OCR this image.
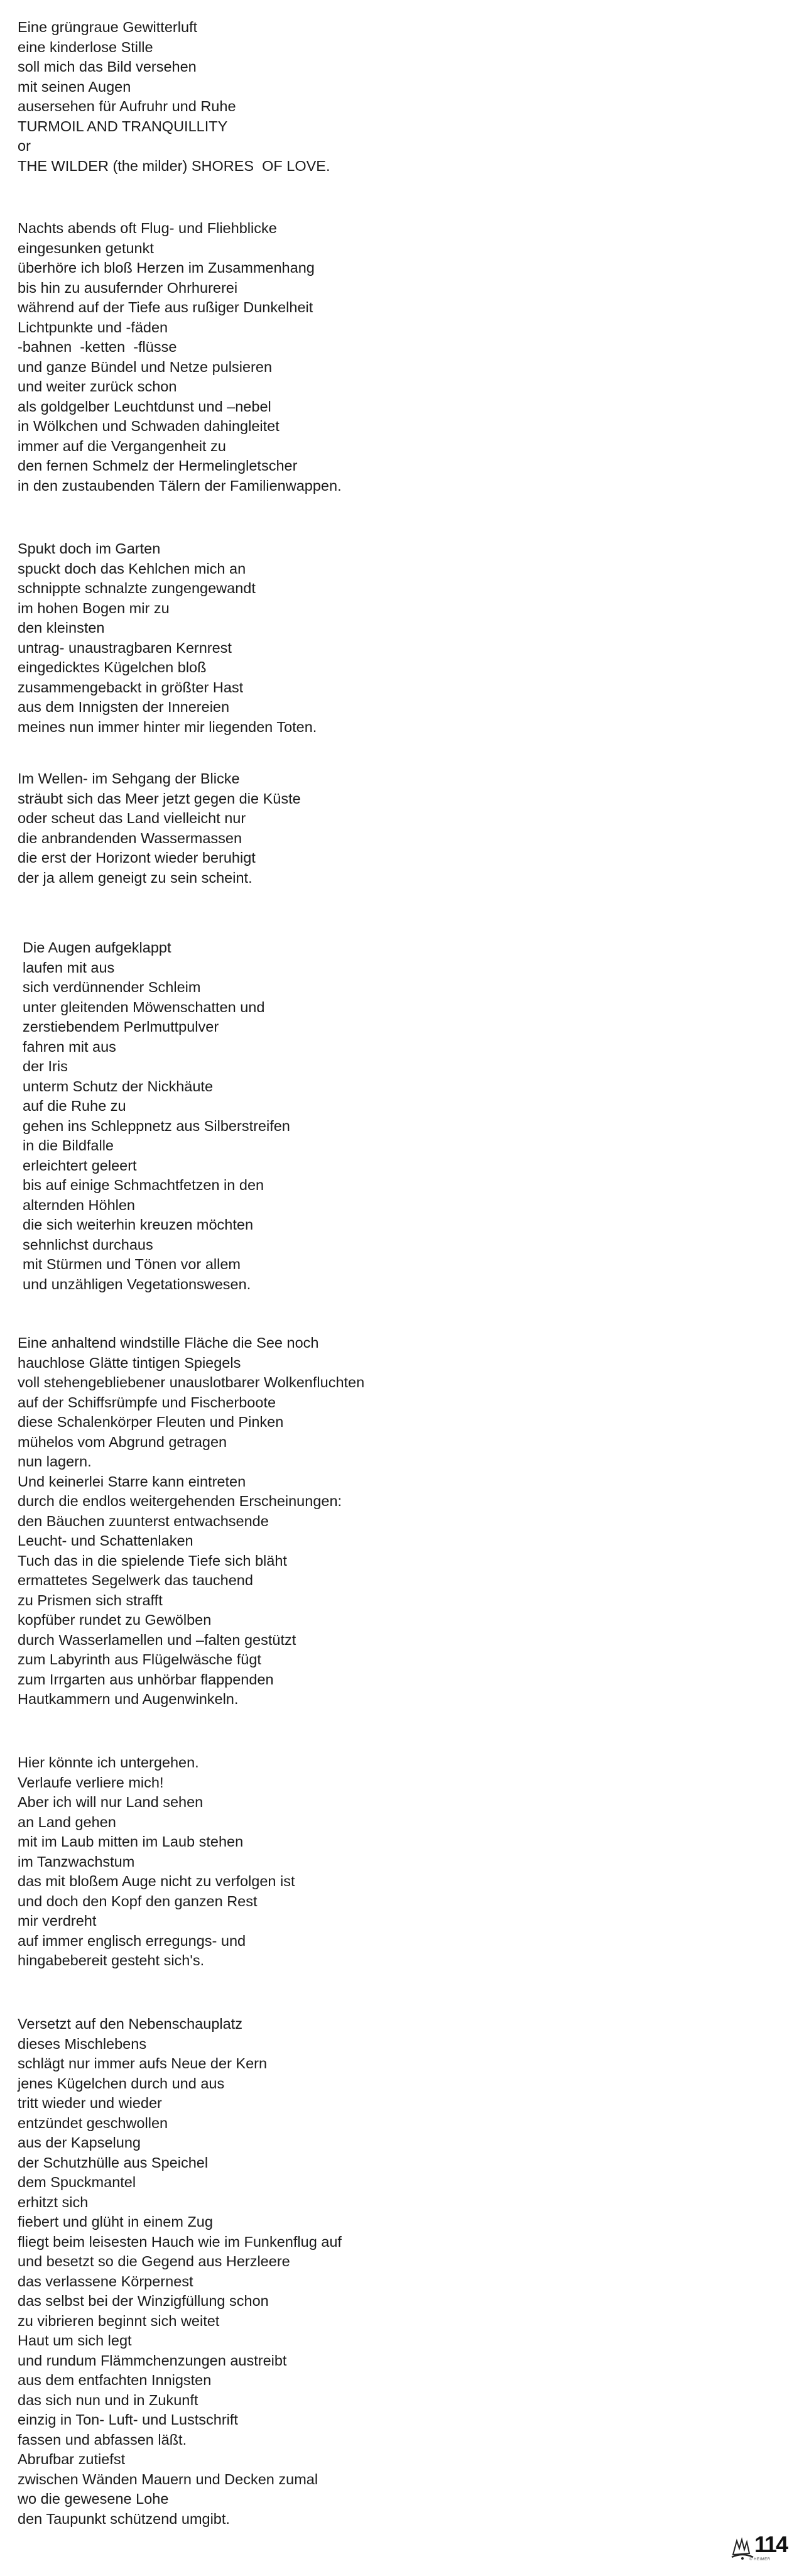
Eine grüngraue Gewitterluft
eine kinderlose Stille
soll mich das Bild versehen
mit seinen Augen
ausersehen für Aufruhr und Ruhe
TURMOIL AND TRANQUILLITY
or
THE WILDER (the milder) SHORES  OF LOVE.
Nachts abends oft Flug- und Fliehblicke
eingesunken getunkt
überhöre ich bloß Herzen im Zusammenhang
bis hin zu ausufernder Ohrhurerei
während auf der Tiefe aus rußiger Dunkelheit
Lichtpunkte und -fäden
-bahnen  -ketten  -flüsse
und ganze Bündel und Netze pulsieren
und weiter zurück schon
als goldgelber Leuchtdunst und –nebel
in Wölkchen und Schwaden dahingleitet
immer auf die Vergangenheit zu
den fernen Schmelz der Hermelingletscher
in den zustaubenden Tälern der Familienwappen.
Spukt doch im Garten
spuckt doch das Kehlchen mich an
schnippte schnalzte zungengewandt
im hohen Bogen mir zu
den kleinsten
untrag- unaustragbaren Kernrest
eingedicktes Kügelchen bloß
zusammengebackt in größter Hast
aus dem Innigsten der Innereien
meines nun immer hinter mir liegenden Toten.
Im Wellen- im Sehgang der Blicke
sträubt sich das Meer jetzt gegen die Küste
oder scheut das Land vielleicht nur
die anbrandenden Wassermassen
die erst der Horizont wieder beruhigt
der ja allem geneigt zu sein scheint.
Die Augen aufgeklappt
laufen mit aus
sich verdünnender Schleim
unter gleitenden Möwenschatten und
zerstiebendem Perlmuttpulver
fahren mit aus
der Iris
unterm Schutz der Nickhäute
auf die Ruhe zu
gehen ins Schleppnetz aus Silberstreifen
in die Bildfalle
erleichtert geleert
bis auf einige Schmachtfetzen in den
alternden Höhlen
die sich weiterhin kreuzen möchten
sehnlichst durchaus
mit Stürmen und Tönen vor allem
und unzähligen Vegetationswesen.
Eine anhaltend windstille Fläche die See noch
hauchlose Glätte tintigen Spiegels
voll stehengebliebener unauslotbarer Wolkenfluchten
auf der Schiffsrümpfe und Fischerboote
diese Schalenkörper Fleuten und Pinken
mühelos vom Abgrund getragen
nun lagern.
Und keinerlei Starre kann eintreten
durch die endlos weitergehenden Erscheinungen:
den Bäuchen zuunterst entwachsende
Leucht- und Schattenlaken
Tuch das in die spielende Tiefe sich bläht
ermattetes Segelwerk das tauchend
zu Prismen sich strafft
kopfüber rundet zu Gewölben
durch Wasserlamellen und –falten gestützt
zum Labyrinth aus Flügelwäsche fügt
zum Irrgarten aus unhörbar flappenden
Hautkammern und Augenwinkeln.
Hier könnte ich untergehen.
Verlaufe verliere mich!
Aber ich will nur Land sehen
an Land gehen
mit im Laub mitten im Laub stehen
im Tanzwachstum
das mit bloßem Auge nicht zu verfolgen ist
und doch den Kopf den ganzen Rest
mir verdreht
auf immer englisch erregungs- und
hingabebereit gesteht sich's.
Versetzt auf den Nebenschauplatz
dieses Mischlebens
schlägt nur immer aufs Neue der Kern
jenes Kügelchen durch und aus
tritt wieder und wieder
entzündet geschwollen
aus der Kapselung
der Schutzhülle aus Speichel
dem Spuckmantel
erhitzt sich
fiebert und glüht in einem Zug
fliegt beim leisesten Hauch wie im Funkenflug auf
und besetzt so die Gegend aus Herzleere
das verlassene Körpernest
das selbst bei der Winzigfüllung schon
zu vibrieren beginnt sich weitet
Haut um sich legt
und rundum Flämmchenzungen austreibt
aus dem entfachten Innigsten
das sich nun und in Zukunft
einzig in Ton- Luft- und Lustschrift
fassen und abfassen läßt.
Abrufbar zutiefst
zwischen Wänden Mauern und Decken zumal
wo die gewesene Lohe
den Taupunkt schützend umgibt.
114
© HEIMER
